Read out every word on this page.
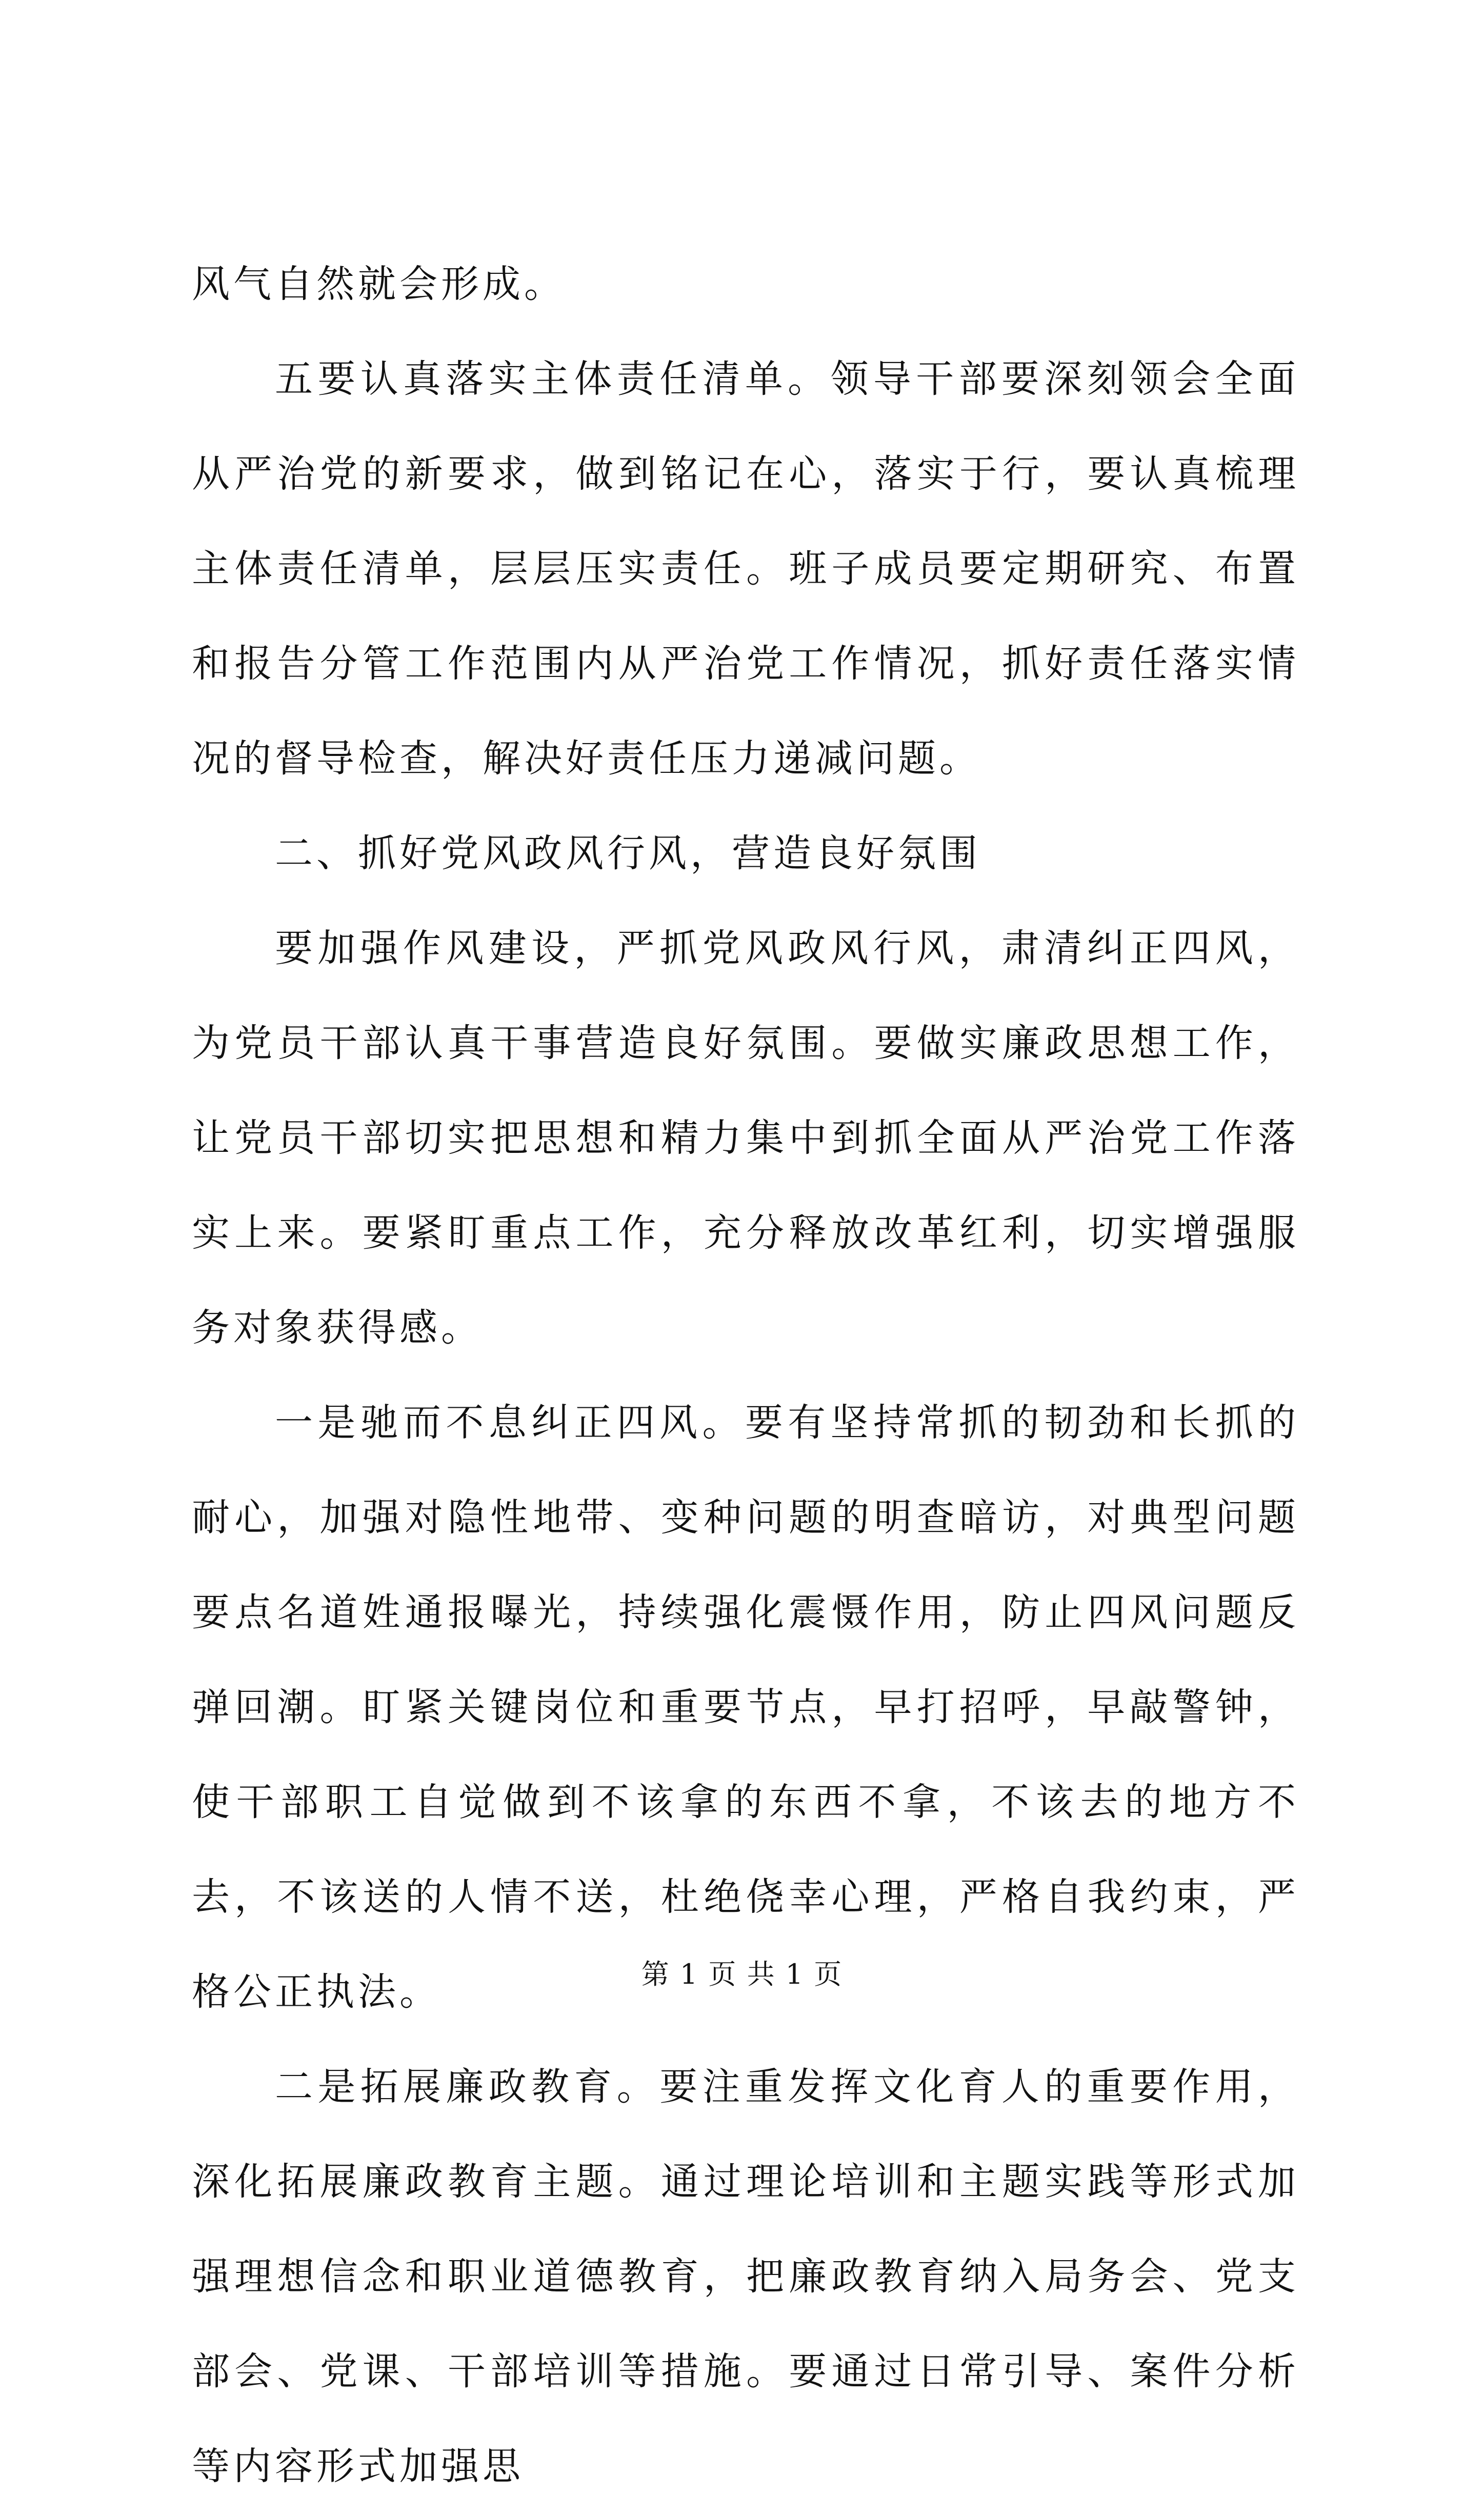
风气自然就会形成。

五要认真落实主体责任清单。领导干部要深刻领会全面从严治党的新要求，做到铭记在心，落实于行，要认真梳理主体责任清单，层层压实责任。班子成员要定期研究、布置和报告分管工作范围内从严治党工作情况，抓好责任落实情况的督导检查，解决好责任压力递减问题。

二、抓好党风政风行风，营造良好氛围

要加强作风建设，严抓党风政风行风，肃清纠正四风，为党员干部认真干事营造良好氛围。要做实廉政思想工作，让党员干部切实把思想和精力集中到抓全面从严治党工作落实上来。要紧盯重点工作，充分释放改革红利，切实增强服务对象获得感。

一是驰而不息纠正四风。要有坚持常抓的韧劲和长抓的耐心，加强对隐性地带、变种问题的明查暗访，对典型问题要点名道姓通报曝光，持续强化震慑作用，防止四风问题反弹回潮。盯紧关键岗位和重要节点，早打招呼，早敲警钟，使干部职工自觉做到不该拿的东西不拿，不该去的地方不去，不该送的人情不送，杜绝侥幸心理，严格自我约束，严格公正执法。

二是拓展廉政教育。要注重发挥文化育人的重要作用，深化拓展廉政教育主题。通过理论培训和主题实践等形式加强理想信念和职业道德教育，把廉政教育纳入局务会、党支部会、党课、干部培训等措施。要通过日常引导、案件分析等内容形式加强思

第 1 页 共 1 页
